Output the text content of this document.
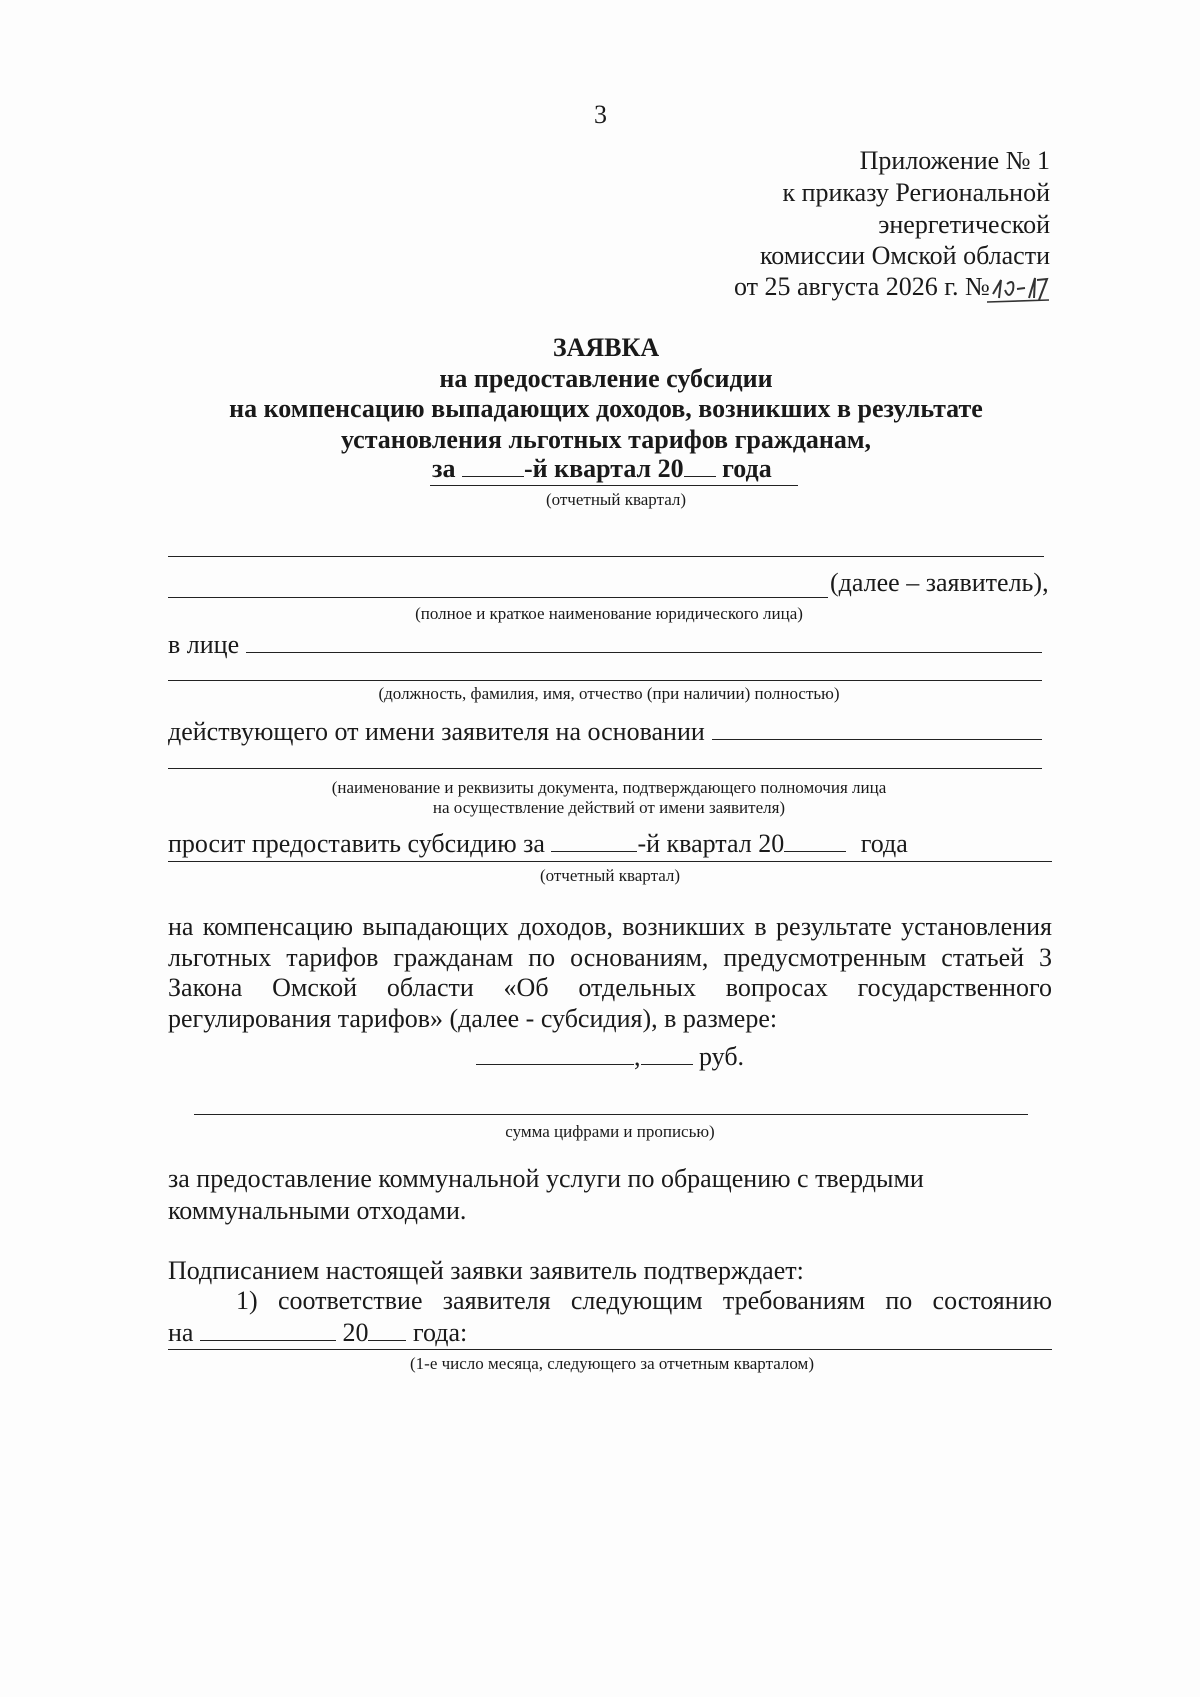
3
Приложение № 1
к приказу Региональной
энергетической
комиссии Омской области
от 25 августа 2026 г. №
ЗАЯВКА
на предоставление субсидии
на компенсацию выпадающих доходов, возникших в результате
установления льготных тарифов гражданам,
за	-й квартал 20 года
(отчетный квартал)
(далее – заявитель),
(полное и краткое наименование юридического лица)
в лице
(должность, фамилия, имя, отчество (при наличии) полностью)
действующего от имени заявителя на основании
(наименование и реквизиты документа, подтверждающего полномочия лица
на осуществление действий от имени заявителя)
просит предоставить субсидию за	-й квартал 20	года
(отчетный квартал)
на компенсацию выпадающих доходов, возникших в результате установления
льготных тарифов гражданам по основаниям, предусмотренным статьей 3
Закона Омской области «Об отдельных вопросах государственного
регулирования тарифов» (далее - субсидия), в размере:
, руб.
сумма цифрами и прописью)
за предоставление коммунальной услуги по обращению с твердыми
коммунальными отходами.
Подписанием настоящей заявки заявитель подтверждает:
1) соответствие заявителя следующим требованиям по состоянию
на	20 года:
(1-е число месяца, следующего за отчетным кварталом)
